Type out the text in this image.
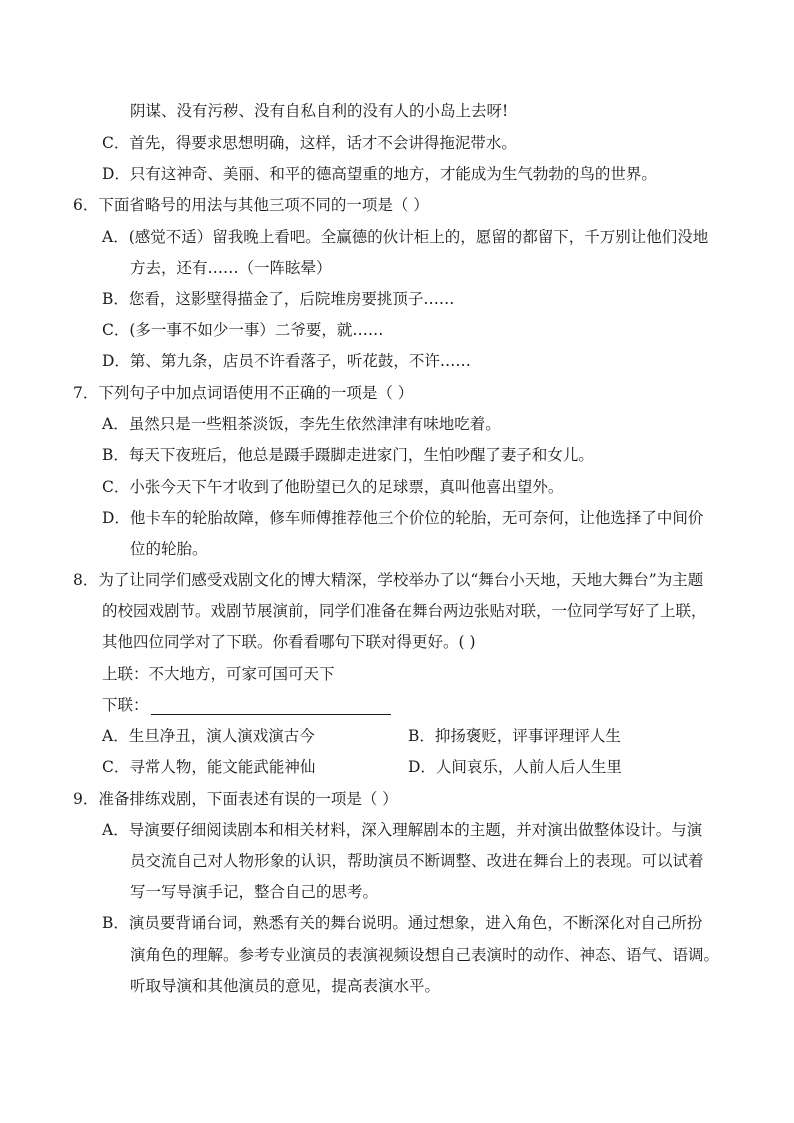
阴谋、没有污秽、没有自私自利的没有人的小岛上去呀!
C．首先，得要求思想明确，这样，话才不会讲得拖泥带水。
D．只有这神奇、美丽、和平的德高望重的地方，才能成为生气勃勃的鸟的世界。
6．下面省略号的用法与其他三项不同的一项是（ ）
A．(感觉不适）留我晚上看吧。全赢德的伙计柜上的，愿留的都留下，千万别让他们没地
方去，还有……（一阵眩晕）
B．您看，这影壁得描金了，后院堆房要挑顶子……
C．(多一事不如少一事）二爷要，就……
D．第、第九条，店员不许看落子，听花鼓，不许……
7．下列句子中加点词语使用不正确的一项是（ ）
A．虽然只是一些粗茶淡饭，李先生依然津津有味地吃着。
B．每天下夜班后，他总是蹑手蹑脚走进家门，生怕吵醒了妻子和女儿。
C．小张今天下午才收到了他盼望已久的足球票，真叫他喜出望外。
D．他卡车的轮胎故障，修车师傅推荐他三个价位的轮胎，无可奈何，让他选择了中间价
位的轮胎。
8．为了让同学们感受戏剧文化的博大精深，学校举办了以“舞台小天地，天地大舞台”为主题
的校园戏剧节。戏剧节展演前，同学们准备在舞台两边张贴对联，一位同学写好了上联，
其他四位同学对了下联。你看看哪句下联对得更好。( )
上联：不大地方，可家可国可天下
下联：
A．生旦净丑，演人演戏演古今	B．抑扬褒贬，评事评理评人生
C．寻常人物，能文能武能神仙	D．人间哀乐，人前人后人生里
9．准备排练戏剧，下面表述有误的一项是（ ）
A．导演要仔细阅读剧本和相关材料，深入理解剧本的主题，并对演出做整体设计。与演
员交流自己对人物形象的认识，帮助演员不断调整、改进在舞台上的表现。可以试着
写一写导演手记，整合自己的思考。
B．演员要背诵台词，熟悉有关的舞台说明。通过想象，进入角色，不断深化对自己所扮
演角色的理解。参考专业演员的表演视频设想自己表演时的动作、神态、语气、语调。
听取导演和其他演员的意见，提高表演水平。
